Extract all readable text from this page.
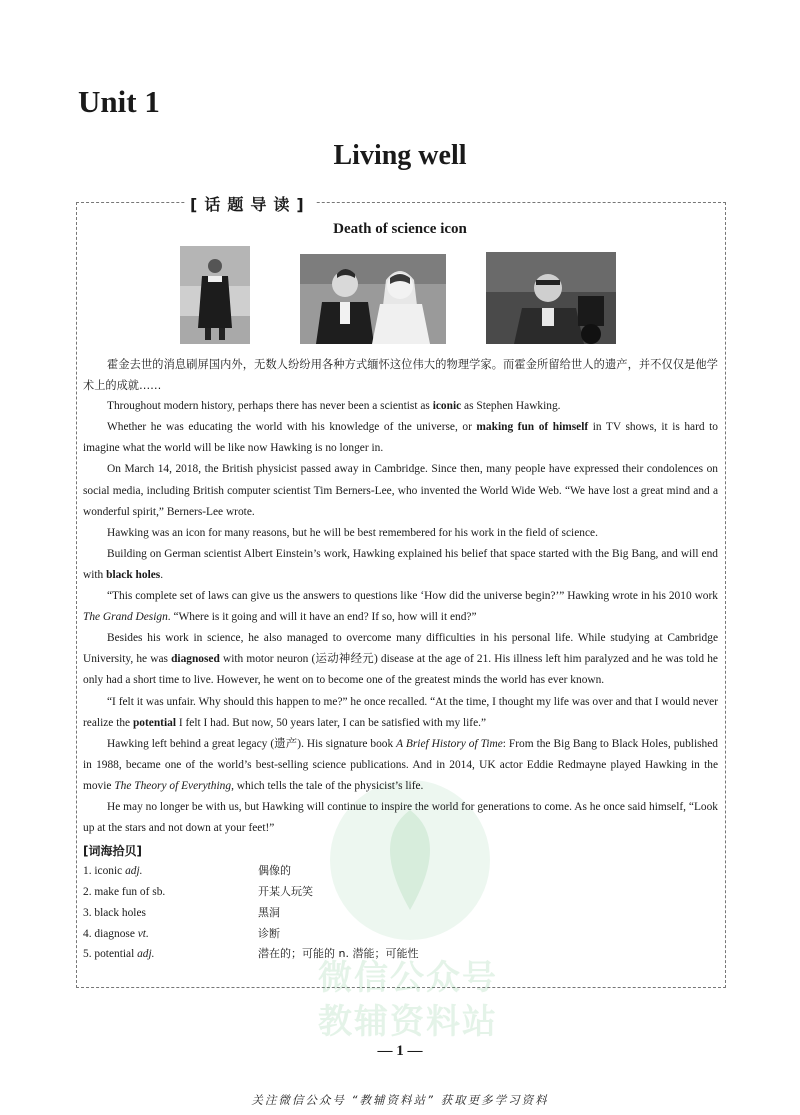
Unit 1
Living well
[话题导读]
Death of science icon
微信公众号
教辅资料站

霍金去世的消息刷屏国内外，无数人纷纷用各种方式缅怀这位伟大的物理学家。而霍金所留给世人的遗产，并不仅仅是他学术上的成就……

Throughout modern history, perhaps there has never been a scientist as iconic as Stephen Hawking.

Whether he was educating the world with his knowledge of the universe, or making fun of himself in TV shows, it is hard to imagine what the world will be like now Hawking is no longer in.

On March 14, 2018, the British physicist passed away in Cambridge. Since then, many people have expressed their condolences on social media, including British computer scientist Tim Berners-Lee, who invented the World Wide Web. “We have lost a great mind and a wonderful spirit,” Berners-Lee wrote.

Hawking was an icon for many reasons, but he will be best remembered for his work in the field of science.

Building on German scientist Albert Einstein’s work, Hawking explained his belief that space started with the Big Bang, and will end with black holes.

“This complete set of laws can give us the answers to questions like ‘How did the universe begin?’” Hawking wrote in his 2010 work The Grand Design. “Where is it going and will it have an end? If so, how will it end?”

Besides his work in science, he also managed to overcome many difficulties in his personal life. While studying at Cambridge University, he was diagnosed with motor neuron (运动神经元) disease at the age of 21. His illness left him paralyzed and he was told he only had a short time to live. However, he went on to become one of the greatest minds the world has ever known.

“I felt it was unfair. Why should this happen to me?” he once recalled. “At the time, I thought my life was over and that I would never realize the potential I felt I had. But now, 50 years later, I can be satisfied with my life.”

Hawking left behind a great legacy (遗产). His signature book A Brief History of Time: From the Big Bang to Black Holes, published in 1988, became one of the world’s best-selling science publications. And in 2014, UK actor Eddie Redmayne played Hawking in the movie The Theory of Everything, which tells the tale of the physicist’s life.

He may no longer be with us, but Hawking will continue to inspire the world for generations to come. As he once said himself, “Look up at the stars and not down at your feet!”

[词海拾贝]
1. iconic adj.	偶像的
2. make fun of sb.	开某人玩笑
3. black holes	黑洞
4. diagnose vt.	诊断
5. potential adj.	潜在的；可能的 n. 潜能；可能性
— 1 —
关注微信公众号 “教辅资料站” 获取更多学习资料
